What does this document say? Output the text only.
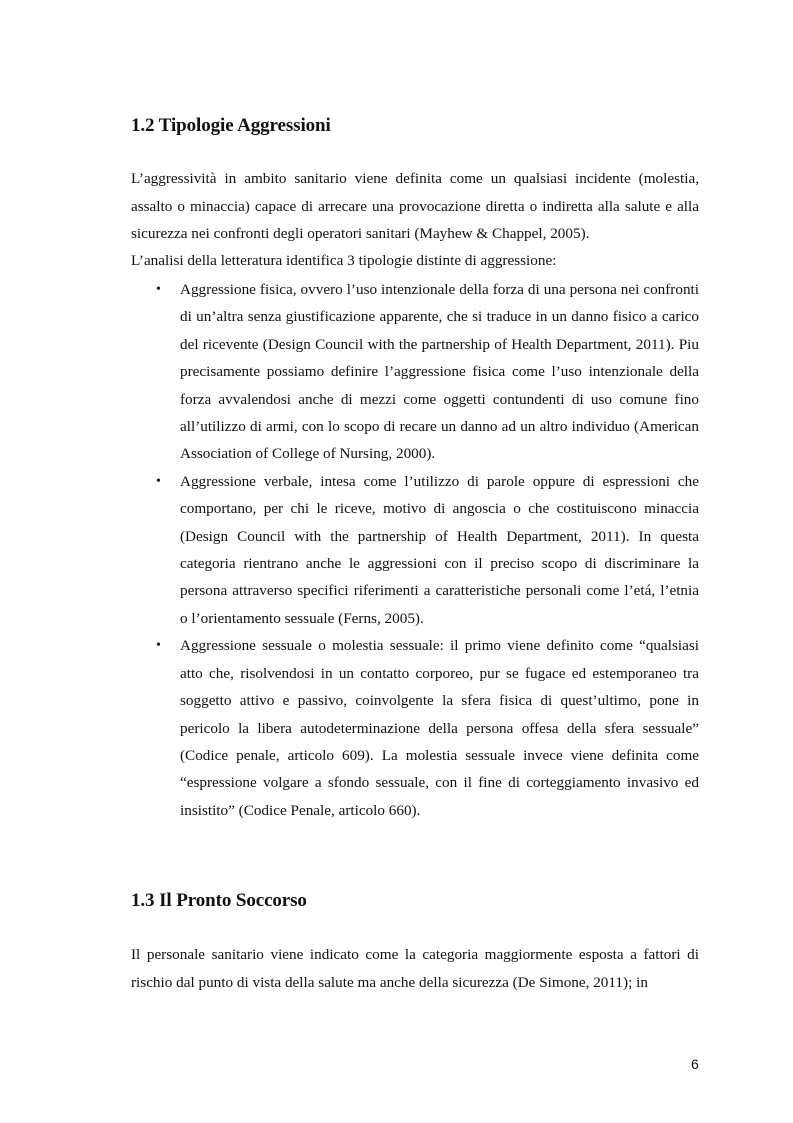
1.2 Tipologie Aggressioni

L’aggressività in ambito sanitario viene definita come un qualsiasi incidente (molestia, assalto o minaccia) capace di arrecare una provocazione diretta o indiretta alla salute e alla sicurezza nei confronti degli operatori sanitari (Mayhew & Chappel, 2005).

L’analisi della letteratura identifica 3 tipologie distinte di aggressione:

• Aggressione fisica, ovvero l’uso intenzionale della forza di una persona nei confronti di un’altra senza giustificazione apparente, che si traduce in un danno fisico a carico del ricevente (Design Council with the partnership of Health Department, 2011). Piu precisamente possiamo definire l’aggressione fisica come l’uso intenzionale della forza avvalendosi anche di mezzi come oggetti contundenti di uso comune fino all’utilizzo di armi, con lo scopo di recare un danno ad un altro individuo (American Association of College of Nursing, 2000).
• Aggressione verbale, intesa come l’utilizzo di parole oppure di espressioni che comportano, per chi le riceve, motivo di angoscia o che costituiscono minaccia (Design Council with the partnership of Health Department, 2011). In questa categoria rientrano anche le aggressioni con il preciso scopo di discriminare la persona attraverso specifici riferimenti a caratteristiche personali come l’etá, l’etnia o l’orientamento sessuale (Ferns, 2005).
• Aggressione sessuale o molestia sessuale: il primo viene definito come “qualsiasi atto che, risolvendosi in un contatto corporeo, pur se fugace ed estemporaneo tra soggetto attivo e passivo, coinvolgente la sfera fisica di quest’ultimo, pone in pericolo la libera autodeterminazione della persona offesa della sfera sessuale” (Codice penale, articolo 609). La molestia sessuale invece viene definita come “espressione volgare a sfondo sessuale, con il fine di corteggiamento invasivo ed insistito” (Codice Penale, articolo 660).
1.3 Il Pronto Soccorso

Il personale sanitario viene indicato come la categoria maggiormente esposta a fattori di rischio dal punto di vista della salute ma anche della sicurezza (De Simone, 2011); in

6
